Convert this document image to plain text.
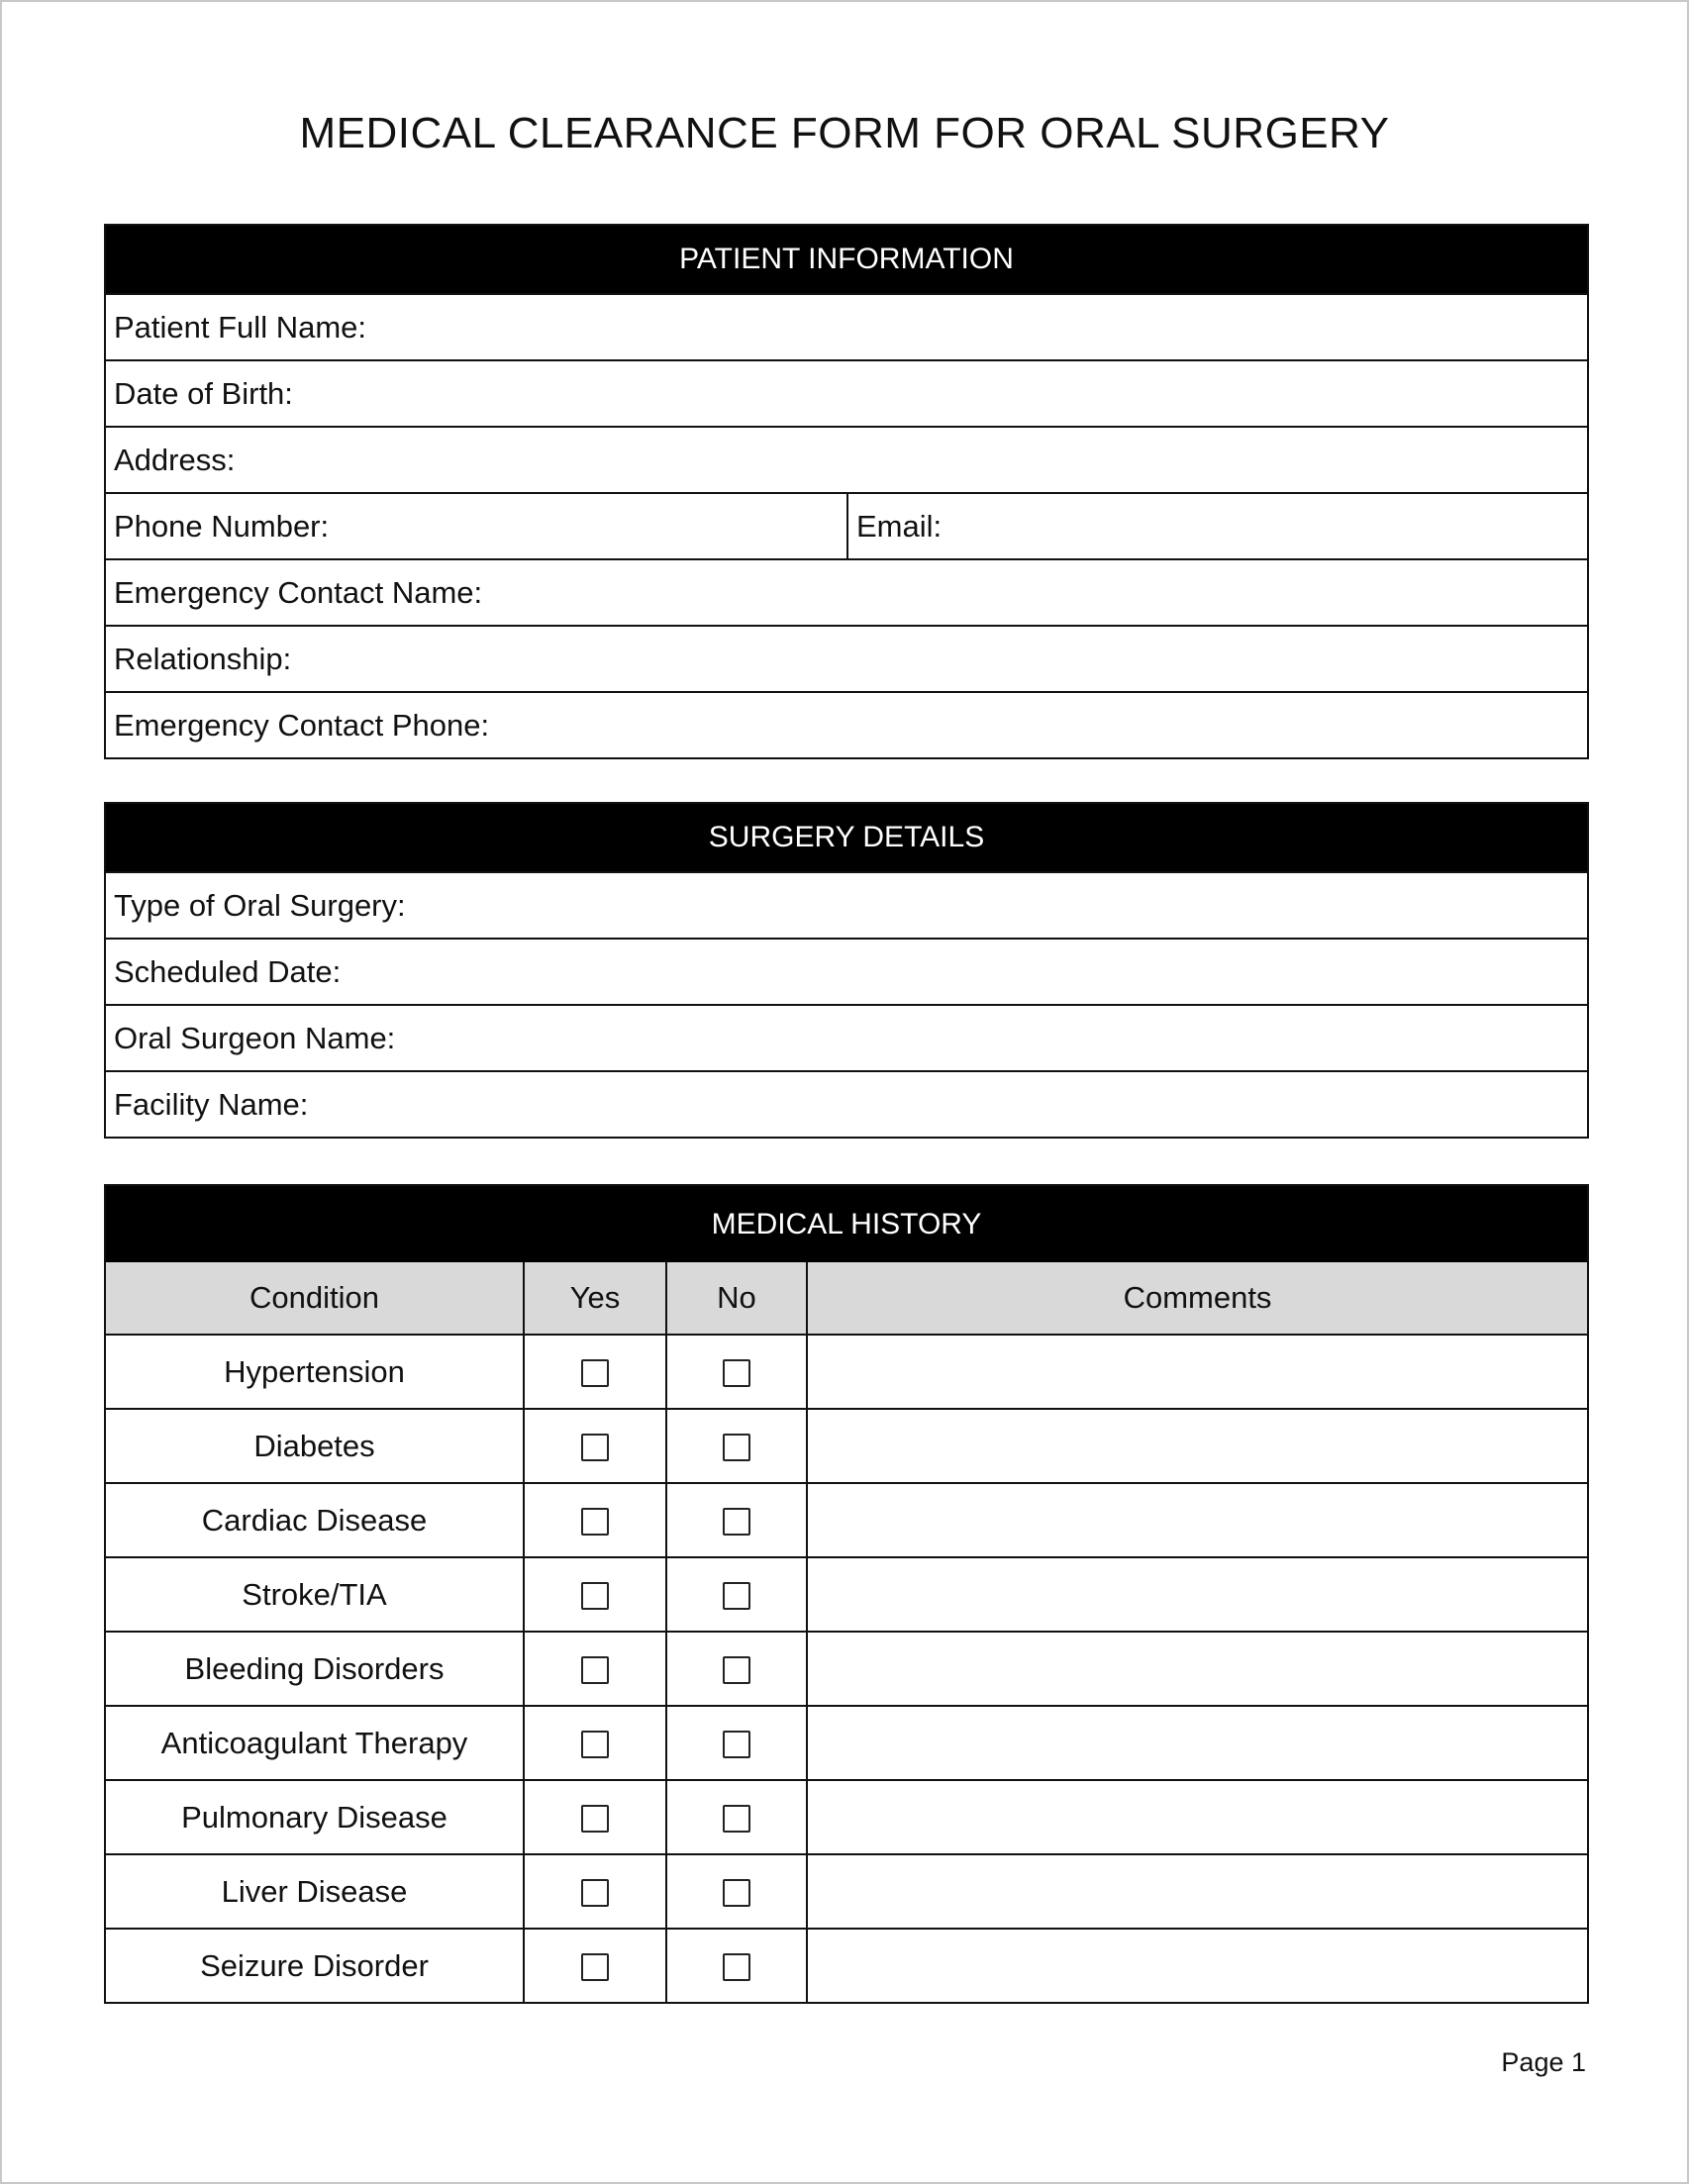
MEDICAL CLEARANCE FORM FOR ORAL SURGERY
PATIENT INFORMATION
Patient Full Name:
Date of Birth:
Address:
Phone Number:	Email:
Emergency Contact Name:
Relationship:
Emergency Contact Phone:
SURGERY DETAILS
Type of Oral Surgery:
Scheduled Date:
Oral Surgeon Name:
Facility Name:
MEDICAL HISTORY
Condition	Yes	No	Comments
Hypertension			
Diabetes			
Cardiac Disease			
Stroke/TIA			
Bleeding Disorders			
Anticoagulant Therapy			
Pulmonary Disease			
Liver Disease			
Seizure Disorder			
Page 1
